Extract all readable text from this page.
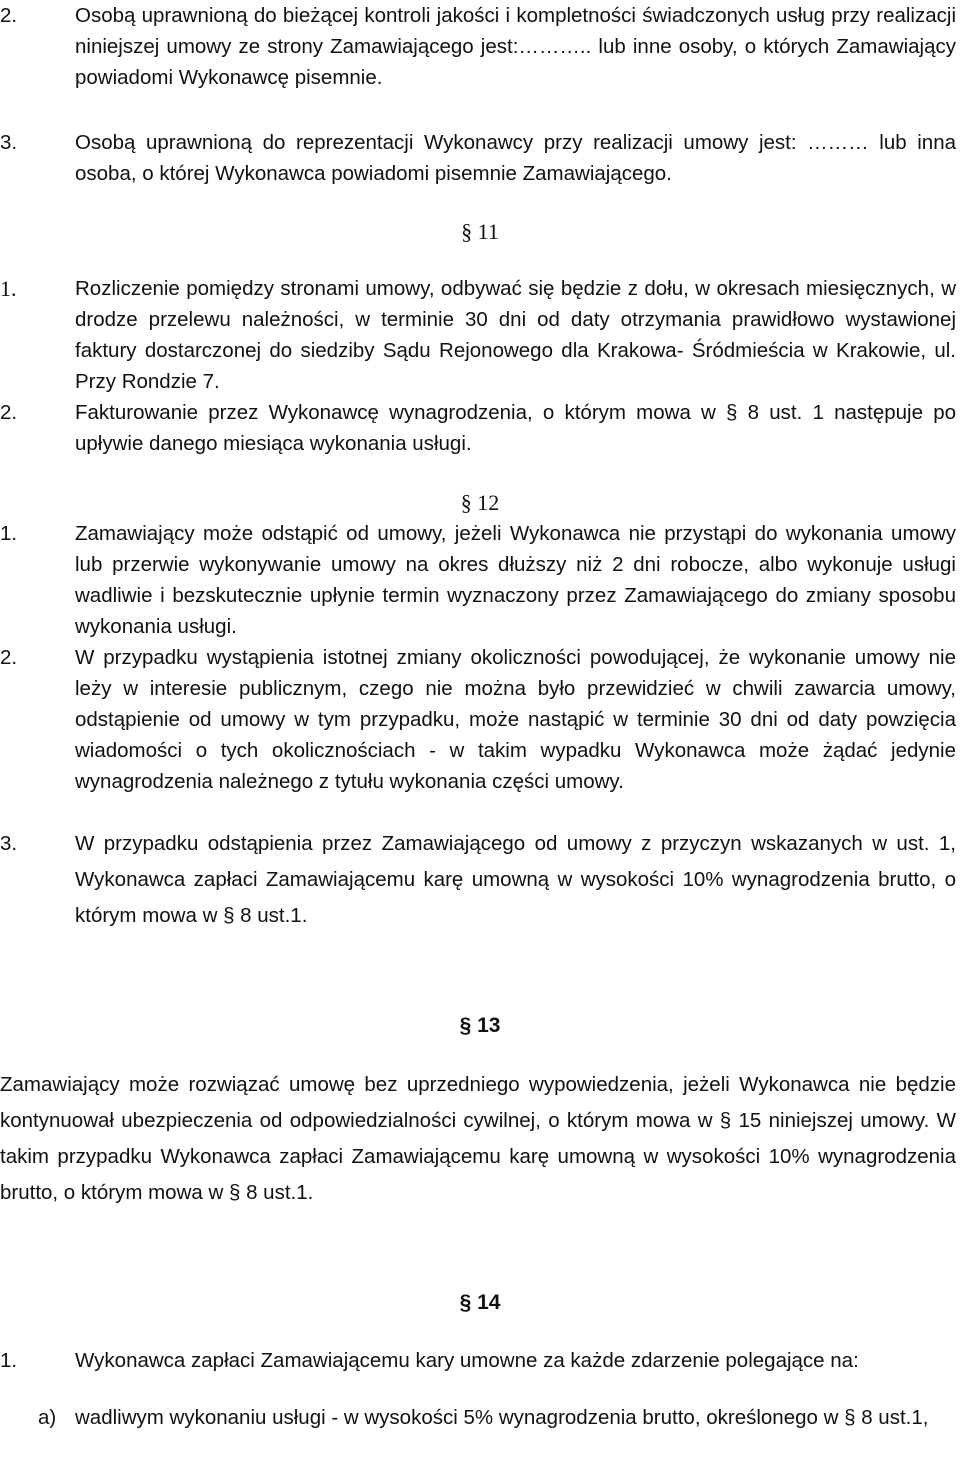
2.	Osobą uprawnioną do bieżącej kontroli jakości i kompletności świadczonych usług przy realizacji niniejszej umowy ze strony Zamawiającego jest:……….. lub inne osoby, o których Zamawiający powiadomi Wykonawcę pisemnie.
3.	Osobą uprawnioną do reprezentacji Wykonawcy przy realizacji umowy jest: ……… lub inna osoba, o której Wykonawca powiadomi pisemnie Zamawiającego.
§ 11
1.	Rozliczenie pomiędzy stronami umowy, odbywać się będzie z dołu, w okresach miesięcznych, w drodze przelewu należności, w terminie 30 dni od daty otrzymania prawidłowo wystawionej faktury dostarczonej do siedziby Sądu Rejonowego dla Krakowa- Śródmieścia w Krakowie, ul. Przy Rondzie 7.
2.	Fakturowanie przez Wykonawcę wynagrodzenia, o którym mowa w § 8 ust. 1 następuje po upływie danego miesiąca wykonania usługi.
§ 12
1.	Zamawiający może odstąpić od umowy, jeżeli Wykonawca nie przystąpi do wykonania umowy lub przerwie wykonywanie umowy na okres dłuższy niż 2 dni robocze, albo wykonuje usługi wadliwie i bezskutecznie upłynie termin wyznaczony przez Zamawiającego do zmiany sposobu wykonania usługi.
2.	W przypadku wystąpienia istotnej zmiany okoliczności powodującej, że wykonanie umowy nie leży w interesie publicznym, czego nie można było przewidzieć w chwili zawarcia umowy, odstąpienie od umowy w tym przypadku, może nastąpić w terminie 30 dni od daty powzięcia wiadomości o tych okolicznościach - w takim wypadku Wykonawca może żądać jedynie wynagrodzenia należnego z tytułu wykonania części umowy.
3.	W przypadku odstąpienia przez Zamawiającego od umowy z przyczyn wskazanych w ust. 1, Wykonawca zapłaci Zamawiającemu karę umowną w wysokości 10% wynagrodzenia brutto, o którym mowa w § 8 ust.1.
§ 13
Zamawiający może rozwiązać umowę bez uprzedniego wypowiedzenia, jeżeli Wykonawca nie będzie kontynuował ubezpieczenia od odpowiedzialności cywilnej, o którym mowa w § 15 niniejszej umowy. W takim przypadku Wykonawca zapłaci Zamawiającemu karę umowną w wysokości 10% wynagrodzenia brutto, o którym mowa w § 8 ust.1.
§ 14
1.	Wykonawca zapłaci Zamawiającemu kary umowne za każde zdarzenie polegające na:
a) wadliwym wykonaniu usługi - w wysokości 5% wynagrodzenia brutto, określonego w § 8 ust.1,
